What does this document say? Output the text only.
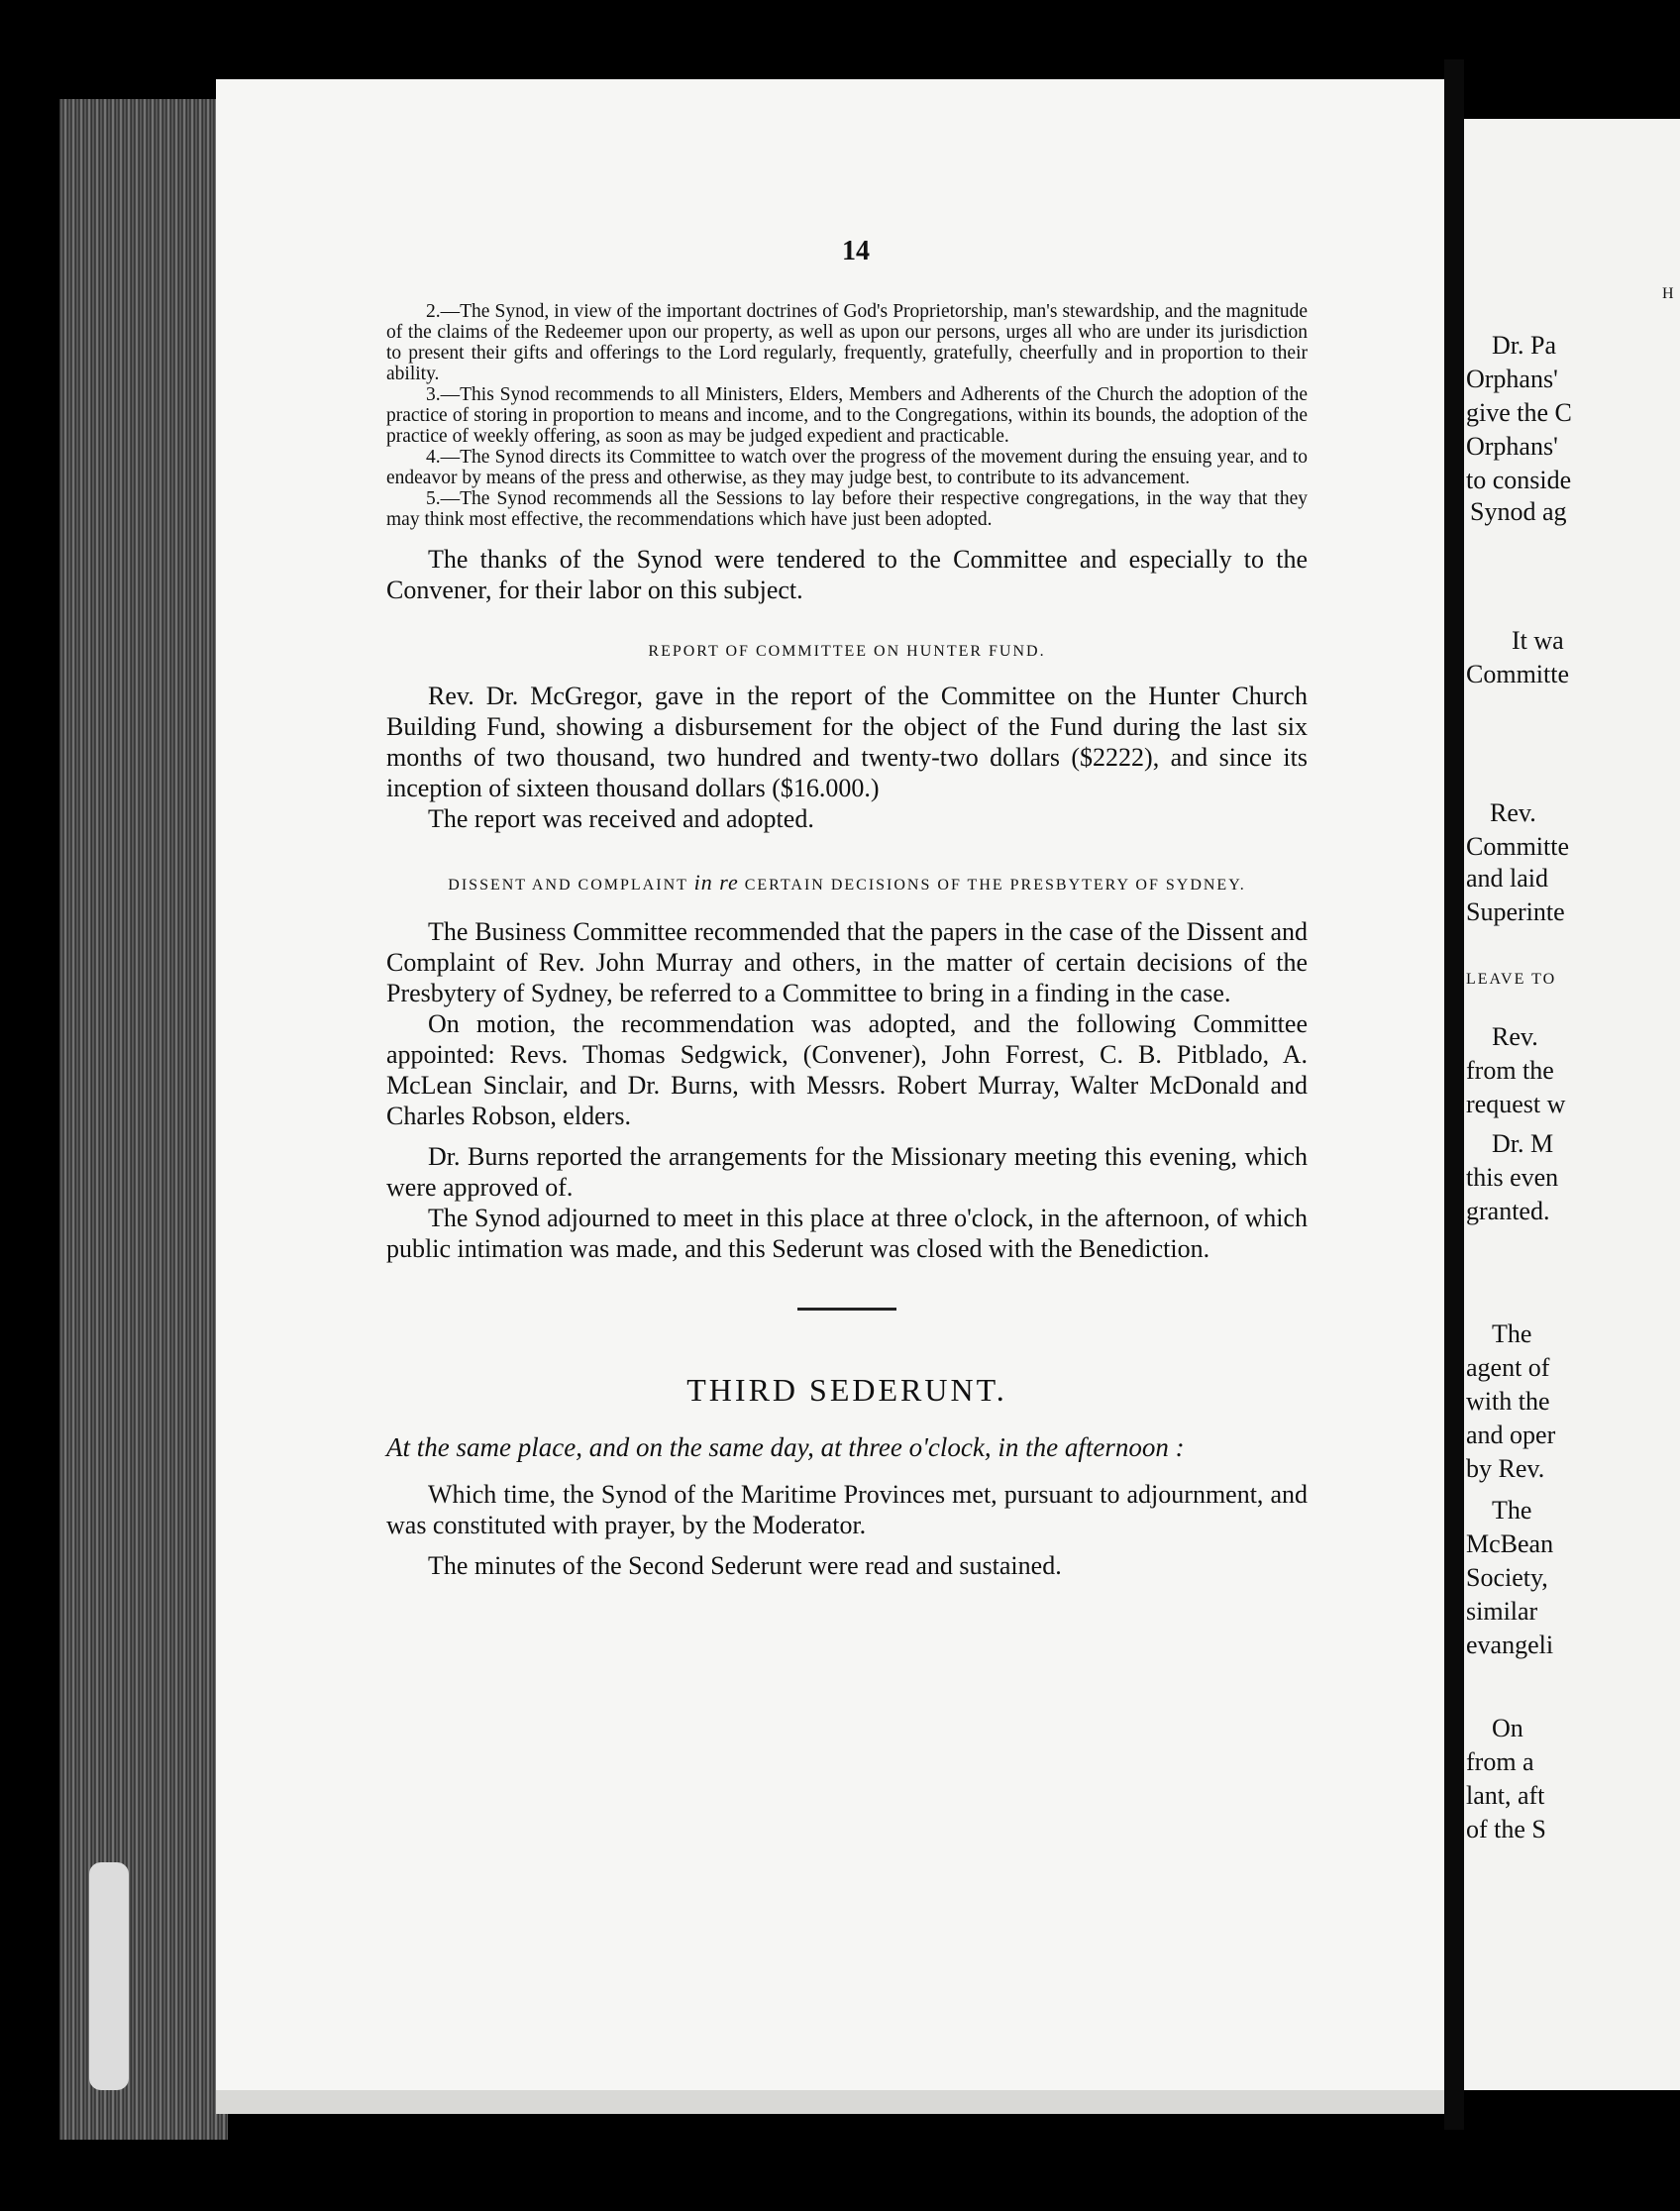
H
Dr. Pa
Orphans'
give the C
Orphans'
to conside
Synod ag
It wa
Committe
Rev.
Committe
and laid
Superinte
LEAVE TO
Rev.
from the
request w
Dr. M
this even
granted.
The
agent of
with the
and oper
by Rev.
The
McBean
Society,
similar
evangeli
On
from a
lant, aft
of the S
14

2.—The Synod, in view of the important doctrines of God's Proprietorship, man's stewardship, and the magnitude of the claims of the Redeemer upon our property, as well as upon our persons, urges all who are under its jurisdiction to present their gifts and offerings to the Lord regularly, frequently, gratefully, cheerfully and in proportion to their ability.

3.—This Synod recommends to all Ministers, Elders, Members and Adherents of the Church the adoption of the practice of storing in proportion to means and income, and to the Congregations, within its bounds, the adoption of the practice of weekly offering, as soon as may be judged expedient and practicable.

4.—The Synod directs its Committee to watch over the progress of the movement during the ensuing year, and to endeavor by means of the press and otherwise, as they may judge best, to contribute to its advancement.

5.—The Synod recommends all the Sessions to lay before their respective congregations, in the way that they may think most effective, the recommendations which have just been adopted.

The thanks of the Synod were tendered to the Committee and especially to the Convener, for their labor on this subject.

REPORT OF COMMITTEE ON HUNTER FUND.

Rev. Dr. McGregor, gave in the report of the Committee on the Hunter Church Building Fund, showing a disbursement for the object of the Fund during the last six months of two thousand, two hundred and twenty-two dollars ($2222), and since its inception of sixteen thousand dollars ($16.000.)

The report was received and adopted.

DISSENT AND COMPLAINT in re CERTAIN DECISIONS OF THE PRESBYTERY OF SYDNEY.

The Business Committee recommended that the papers in the case of the Dissent and Complaint of Rev. John Murray and others, in the matter of certain decisions of the Presbytery of Sydney, be referred to a Committee to bring in a finding in the case.

On motion, the recommendation was adopted, and the following Committee appointed: Revs. Thomas Sedgwick, (Convener), John Forrest, C. B. Pitblado, A. McLean Sinclair, and Dr. Burns, with Messrs. Robert Murray, Walter McDonald and Charles Robson, elders.

Dr. Burns reported the arrangements for the Missionary meeting this evening, which were approved of.

The Synod adjourned to meet in this place at three o'clock, in the afternoon, of which public intimation was made, and this Sederunt was closed with the Benediction.

THIRD SEDERUNT.
At the same place, and on the same day, at three o'clock, in the afternoon :

Which time, the Synod of the Maritime Provinces met, pursuant to adjournment, and was constituted with prayer, by the Moderator.

The minutes of the Second Sederunt were read and sustained.
